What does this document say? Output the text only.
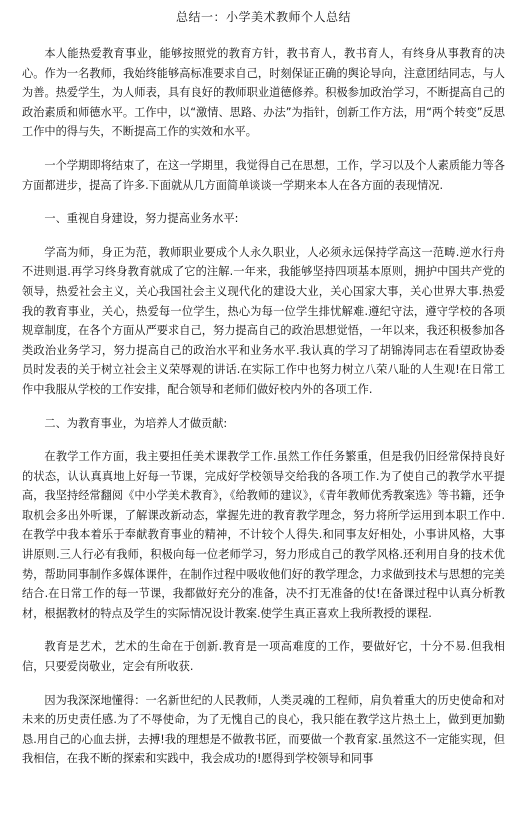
总结一：小学美术教师个人总结

本人能热爱教育事业，能够按照党的教育方针，教书育人，教书育人，有终身从事教育的决心。作为一名教师，我始终能够高标准要求自己，时刻保证正确的舆论导向，注意团结同志，与人为善。热爱学生，为人师表，具有良好的教师职业道德修养。积极参加政治学习，不断提高自己的政治素质和师德水平。工作中，以“激情、思路、办法”为指针，创新工作方法，用“两个转变”反思工作中的得与失，不断提高工作的实效和水平。

一个学期即将结束了，在这一学期里，我觉得自己在思想，工作，学习以及个人素质能力等各方面都进步，提高了许多.下面就从几方面简单谈谈一学期来本人在各方面的表现情况.

一、重视自身建设，努力提高业务水平:

学高为师，身正为范，教师职业要成个人永久职业，人必须永远保持学高这一范畴.逆水行舟不进则退.再学习终身教育就成了它的注解.一年来，我能够坚持四项基本原则，拥护中国共产党的领导，热爱社会主义，关心我国社会主义现代化的建设大业，关心国家大事，关心世界大事.热爱我的教育事业，关心，热爱每一位学生，热心为每一位学生排忧解难.遵纪守法，遵守学校的各项规章制度，在各个方面从严要求自己，努力提高自己的政治思想觉悟，一年以来，我还积极参加各类政治业务学习，努力提高自己的政治水平和业务水平.我认真的学习了胡锦涛同志在看望政协委员时发表的关于树立社会主义荣辱观的讲话.在实际工作中也努力树立八荣八耻的人生观!在日常工作中我服从学校的工作安排，配合领导和老师们做好校内外的各项工作.

二、为教育事业，为培养人才做贡献:

在教学工作方面，我主要担任美术课教学工作.虽然工作任务繁重，但是我仍旧经常保持良好的状态，认认真真地上好每一节课，完成好学校领导交给我的各项工作.为了使自己的教学水平提高，我坚持经常翻阅《中小学美术教育》，《给教师的建议》，《青年教师优秀教案选》等书籍，还争取机会多出外听课，了解课改新动态，掌握先进的教育教学理念，努力将所学运用到本职工作中.在教学中我本着乐于奉献教育事业的精神，不计较个人得失.和同事友好相处，小事讲风格，大事讲原则.三人行必有我师，积极向每一位老师学习，努力形成自己的教学风格.还利用自身的技术优势，帮助同事制作多媒体课件，在制作过程中吸收他们好的教学理念，力求做到技术与思想的完美结合.在日常工作的每一节课，我都做好充分的准备，决不打无准备的仗!在备课过程中认真分析教材，根据教材的特点及学生的实际情况设计教案.使学生真正喜欢上我所教授的课程.

教育是艺术，艺术的生命在于创新.教育是一项高难度的工作，要做好它，十分不易.但我相信，只要爱岗敬业，定会有所收获.

因为我深深地懂得：一名新世纪的人民教师，人类灵魂的工程师，肩负着重大的历史使命和对未来的历史责任感.为了不辱使命，为了无愧自己的良心，我只能在教学这片热土上，做到更加勤恳.用自己的心血去拼，去搏!我的理想是不做教书匠，而要做一个教育家.虽然这不一定能实现，但我相信，在我不断的探索和实践中，我会成功的!愿得到学校领导和同事
